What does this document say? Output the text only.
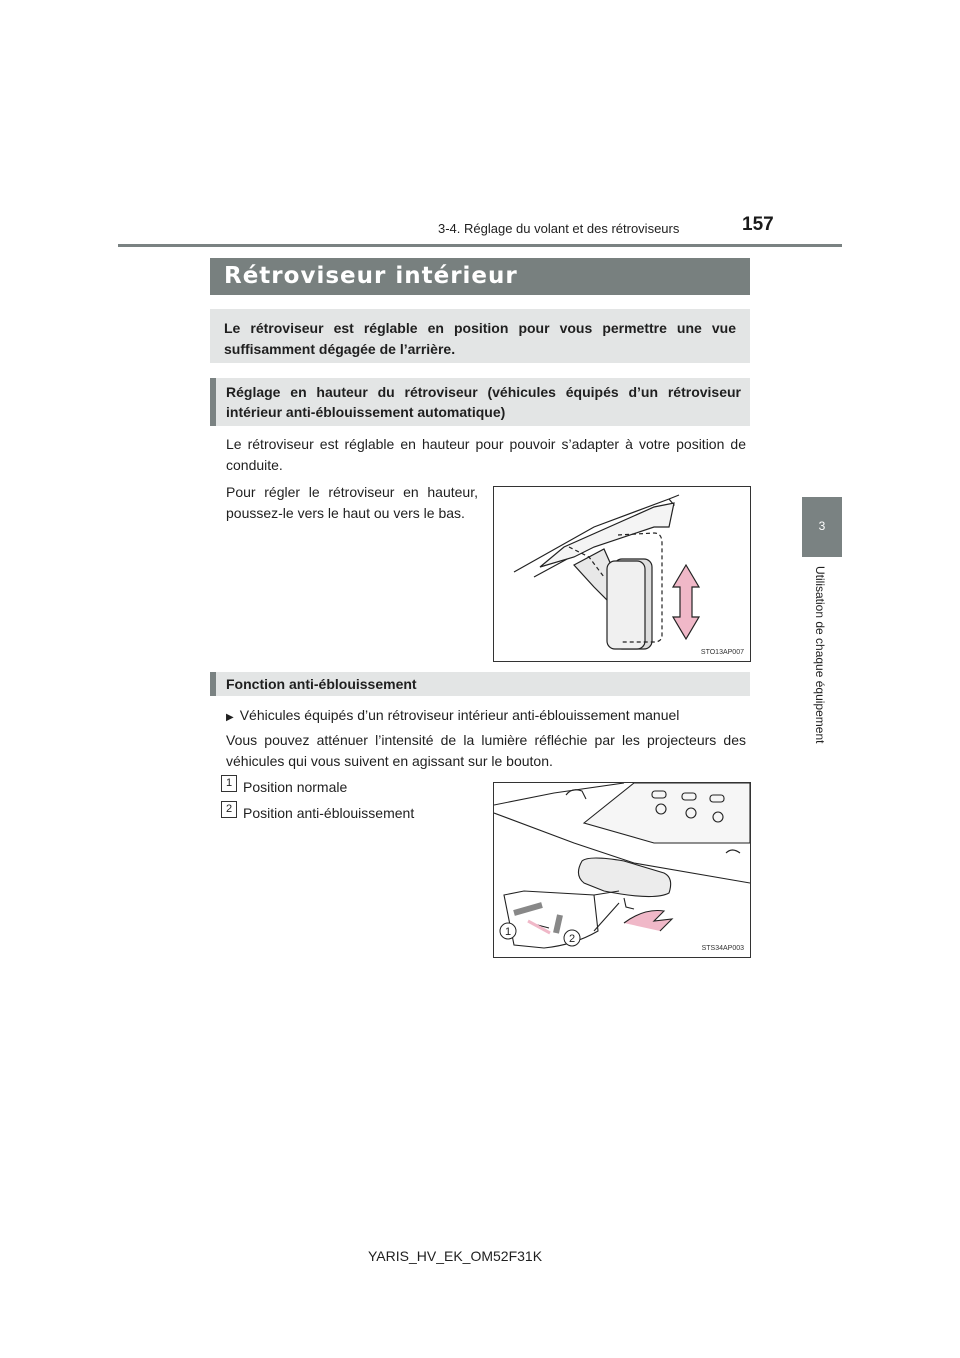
3-4. Réglage du volant et des rétroviseurs	157
3
Utilisation de chaque équipement
Rétroviseur intérieur
Le rétroviseur est réglable en position pour vous permettre une vue suffisamment dégagée de l’arrière.
Réglage en hauteur du rétroviseur (véhicules équipés d’un rétroviseur intérieur anti-éblouissement automatique)
Le rétroviseur est réglable en hauteur pour pouvoir s’adapter à votre position de conduite.
Pour régler le rétroviseur en hauteur, poussez-le vers le haut ou vers le bas.
STO13AP007
Fonction anti-éblouissement
▶ Véhicules équipés d’un rétroviseur intérieur anti-éblouissement manuel
Vous pouvez atténuer l’intensité de la lumière réfléchie par les projecteurs des véhicules qui vous suivent en agissant sur le bouton.
1 Position normale
2 Position anti-éblouissement
1
2
STS34AP003
YARIS_HV_EK_OM52F31K
